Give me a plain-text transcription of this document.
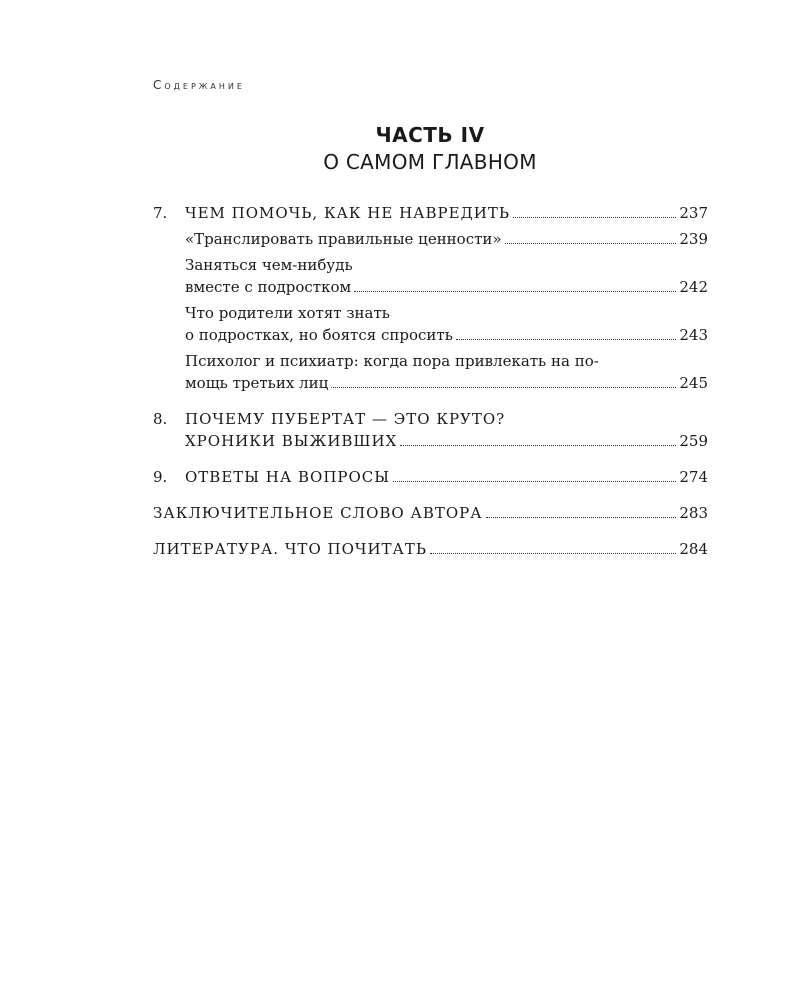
Содержание
ЧАСТЬ IV
О САМОМ ГЛАВНОМ
7. ЧЕМ ПОМОЧЬ, КАК НЕ НАВРЕДИТЬ	237
«Транслировать правильные ценности»	239
Заняться чем-нибудь
вместе с подростком	242
Что родители хотят знать
о подростках, но боятся спросить	243
Психолог и психиатр: когда пора привлекать на по-
мощь третьих лиц	245
8. ПОЧЕМУ ПУБЕРТАТ — ЭТО КРУТО?
ХРОНИКИ ВЫЖИВШИХ	259
9. ОТВЕТЫ НА ВОПРОСЫ	274
ЗАКЛЮЧИТЕЛЬНОЕ СЛОВО АВТОРА	283
ЛИТЕРАТУРА. ЧТО ПОЧИТАТЬ	284
